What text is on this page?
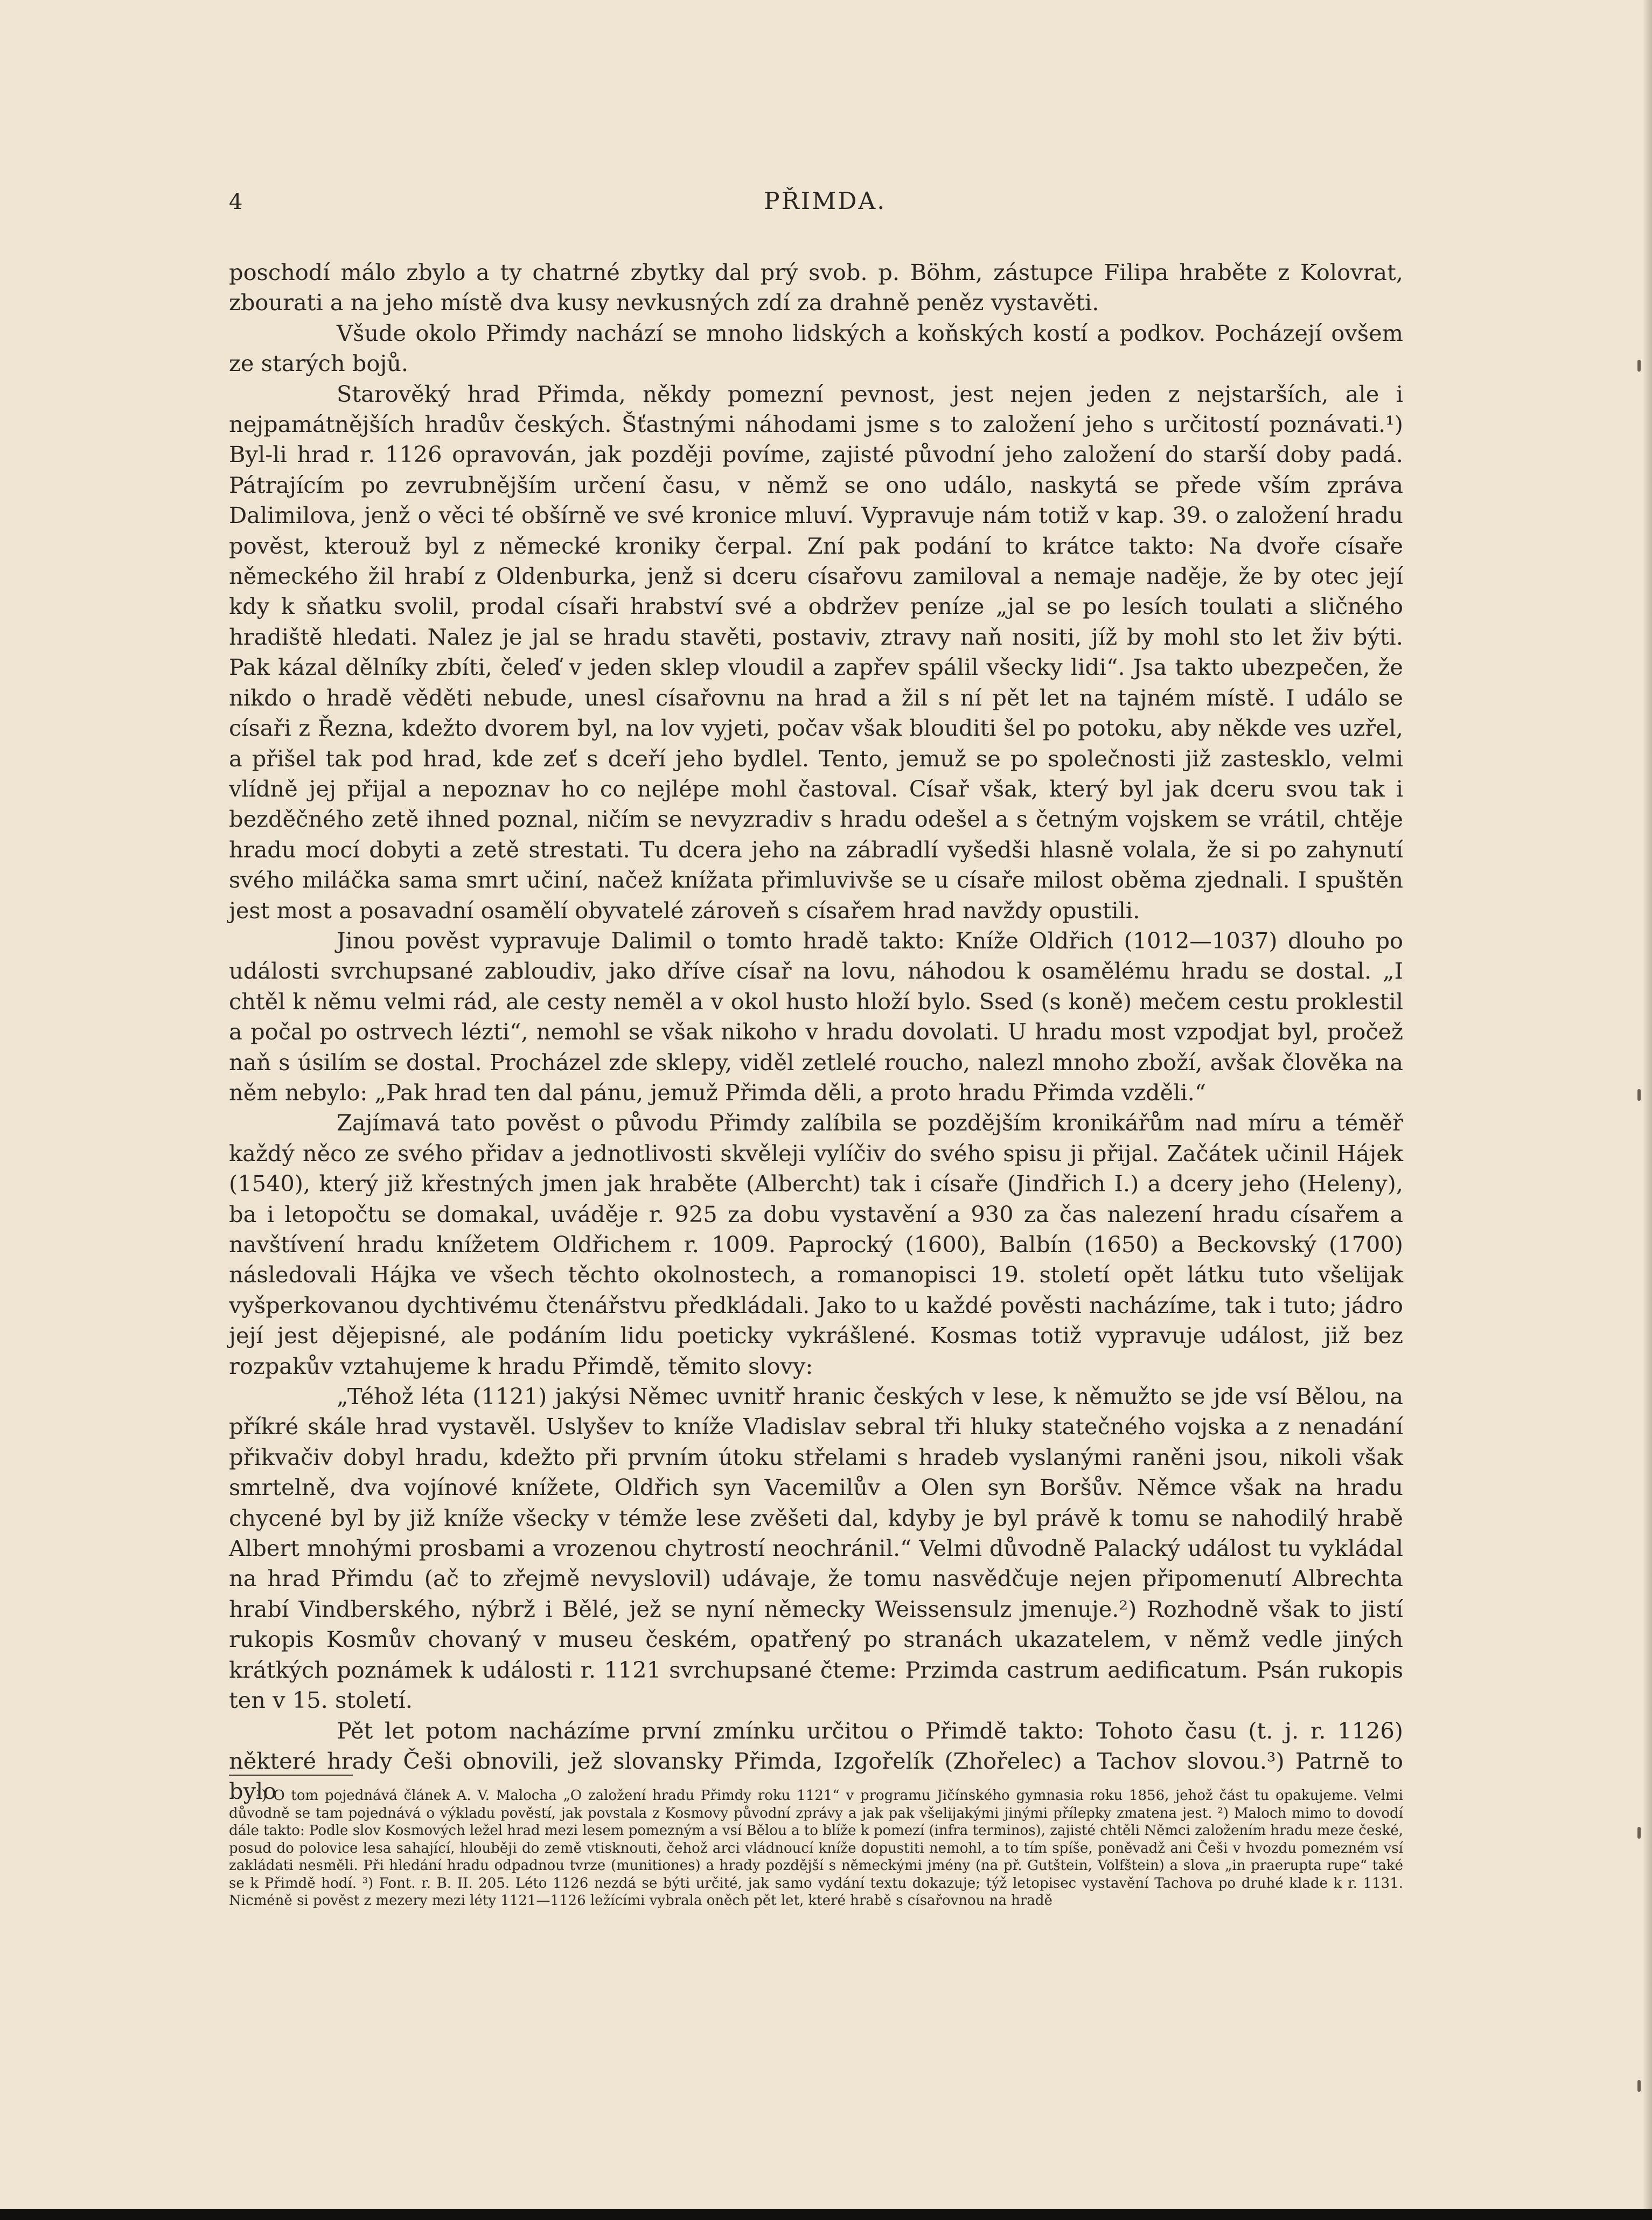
4	PŘIMDA.

poschodí málo zbylo a ty chatrné zbytky dal prý svob. p. Böhm, zástupce Filipa hraběte z Kolovrat, zbourati a na jeho místě dva kusy nevkusných zdí za drahně peněz vystavěti.

Všude okolo Přimdy nachází se mnoho lidských a koňských kostí a podkov. Pocházejí ovšem ze starých bojů.

Starověký hrad Přimda, někdy pomezní pevnost, jest nejen jeden z nejstarších, ale i nejpamátnějších hradův českých. Šťastnými náhodami jsme s to založení jeho s určitostí poznávati.¹) Byl-li hrad r. 1126 opravován, jak později povíme, zajisté původní jeho založení do starší doby padá. Pátrajícím po zevrubnějším určení času, v němž se ono událo, naskytá se přede vším zpráva Dalimilova, jenž o věci té obšírně ve své kronice mluví. Vypravuje nám totiž v kap. 39. o založení hradu pověst, kterouž byl z německé kroniky čerpal. Zní pak podání to krátce takto: Na dvoře císaře německého žil hrabí z Oldenburka, jenž si dceru císařovu zamiloval a nemaje naděje, že by otec její kdy k sňatku svolil, prodal císaři hrabství své a obdržev peníze „jal se po lesích toulati a sličného hradiště hledati. Nalez je jal se hradu stavěti, postaviv, ztravy naň nositi, jíž by mohl sto let živ býti. Pak kázal dělníky zbíti, čeleď v jeden sklep vloudil a zapřev spálil všecky lidi“. Jsa takto ubezpečen, že nikdo o hradě věděti nebude, unesl císařovnu na hrad a žil s ní pět let na tajném místě. I událo se císaři z Řezna, kdežto dvorem byl, na lov vyjeti, počav však blouditi šel po potoku, aby někde ves uzřel, a přišel tak pod hrad, kde zeť s dceří jeho bydlel. Tento, jemuž se po společnosti již zastesklo, velmi vlídně jej přijal a nepoznav ho co nejlépe mohl častoval. Císař však, který byl jak dceru svou tak i bezděčného zetě ihned poznal, ničím se nevyzradiv s hradu odešel a s četným vojskem se vrátil, chtěje hradu mocí dobyti a zetě strestati. Tu dcera jeho na zábradlí vyšedši hlasně volala, že si po zahynutí svého miláčka sama smrt učiní, načež knížata přimluvivše se u císaře milost oběma zjednali. I spuštěn jest most a posavadní osamělí obyvatelé zároveň s císařem hrad navždy opustili.

Jinou pověst vypravuje Dalimil o tomto hradě takto: Kníže Oldřich (1012—1037) dlouho po události svrchupsané zabloudiv, jako dříve císař na lovu, náhodou k osamělému hradu se dostal. „I chtěl k němu velmi rád, ale cesty neměl a v okol husto hloží bylo. Ssed (s koně) mečem cestu proklestil a počal po ostrvech lézti“, nemohl se však nikoho v hradu dovolati. U hradu most vzpodjat byl, pročež naň s úsilím se dostal. Procházel zde sklepy, viděl zetlelé roucho, nalezl mnoho zboží, avšak člověka na něm nebylo: „Pak hrad ten dal pánu, jemuž Přimda děli, a proto hradu Přimda vzděli.“

Zajímavá tato pověst o původu Přimdy zalíbila se pozdějším kronikářům nad míru a téměř každý něco ze svého přidav a jednotlivosti skvěleji vylíčiv do svého spisu ji přijal. Začátek učinil Hájek (1540), který již křestných jmen jak hraběte (Albercht) tak i císaře (Jindřich I.) a dcery jeho (Heleny), ba i letopočtu se domakal, uváděje r. 925 za dobu vystavění a 930 za čas nalezení hradu císařem a navštívení hradu knížetem Oldřichem r. 1009. Paprocký (1600), Balbín (1650) a Beckovský (1700) následovali Hájka ve všech těchto okolnostech, a romanopisci 19. století opět látku tuto všelijak vyšperkovanou dychtivému čtenářstvu předkládali. Jako to u každé pověsti nacházíme, tak i tuto; jádro její jest dějepisné, ale podáním lidu poeticky vykrášlené. Kosmas totiž vypravuje událost, již bez rozpakův vztahujeme k hradu Přimdě, těmito slovy:

„Téhož léta (1121) jakýsi Němec uvnitř hranic českých v lese, k němužto se jde vsí Bělou, na příkré skále hrad vystavěl. Uslyšev to kníže Vladislav sebral tři hluky statečného vojska a z nenadání přikvačiv dobyl hradu, kdežto při prvním útoku střelami s hradeb vyslanými raněni jsou, nikoli však smrtelně, dva vojínové knížete, Oldřich syn Vacemilův a Olen syn Boršův. Němce však na hradu chycené byl by již kníže všecky v témže lese zvěšeti dal, kdyby je byl právě k tomu se nahodilý hrabě Albert mnohými prosbami a vrozenou chytrostí neochránil.“ Velmi důvodně Palacký událost tu vykládal na hrad Přimdu (ač to zřejmě nevyslovil) udávaje, že tomu nasvědčuje nejen připomenutí Albrechta hrabí Vindberského, nýbrž i Bělé, jež se nyní německy Weissensulz jmenuje.²) Rozhodně však to jistí rukopis Kosmův chovaný v museu českém, opatřený po stranách ukazatelem, v němž vedle jiných krátkých poznámek k události r. 1121 svrchupsané čteme: Przimda castrum aedificatum. Psán rukopis ten v 15. století.

Pět let potom nacházíme první zmínku určitou o Přimdě takto: Tohoto času (t. j. r. 1126) některé hrady Češi obnovili, jež slovansky Přimda, Izgořelík (Zhořelec) a Tachov slovou.³) Patrně to bylo

¹) O tom pojednává článek A. V. Malocha „O založení hradu Přimdy roku 1121“ v programu Jičínského gymnasia roku 1856, jehož část tu opakujeme. Velmi důvodně se tam pojednává o výkladu pověstí, jak povstala z Kosmovy původní zprávy a jak pak všelijakými jinými přílepky zmatena jest. ²) Maloch mimo to dovodí dále takto: Podle slov Kosmových ležel hrad mezi lesem pomezným a vsí Bělou a to blíže k pomezí (infra terminos), zajisté chtěli Němci založením hradu meze české, posud do polovice lesa sahající, hlouběji do země vtisknouti, čehož arci vládnoucí kníže dopustiti nemohl, a to tím spíše, poněvadž ani Češi v hvozdu pomezném vsí zakládati nesměli. Při hledání hradu odpadnou tvrze (munitiones) a hrady pozdější s německými jmény (na př. Gutštein, Volfštein) a slova „in praerupta rupe“ také se k Přimdě hodí. ³) Font. r. B. II. 205. Léto 1126 nezdá se býti určité, jak samo vydání textu dokazuje; týž letopisec vystavění Tachova po druhé klade k r. 1131. Nicméně si pověst z mezery mezi léty 1121—1126 ležícími vybrala oněch pět let, které hrabě s císařovnou na hradě
